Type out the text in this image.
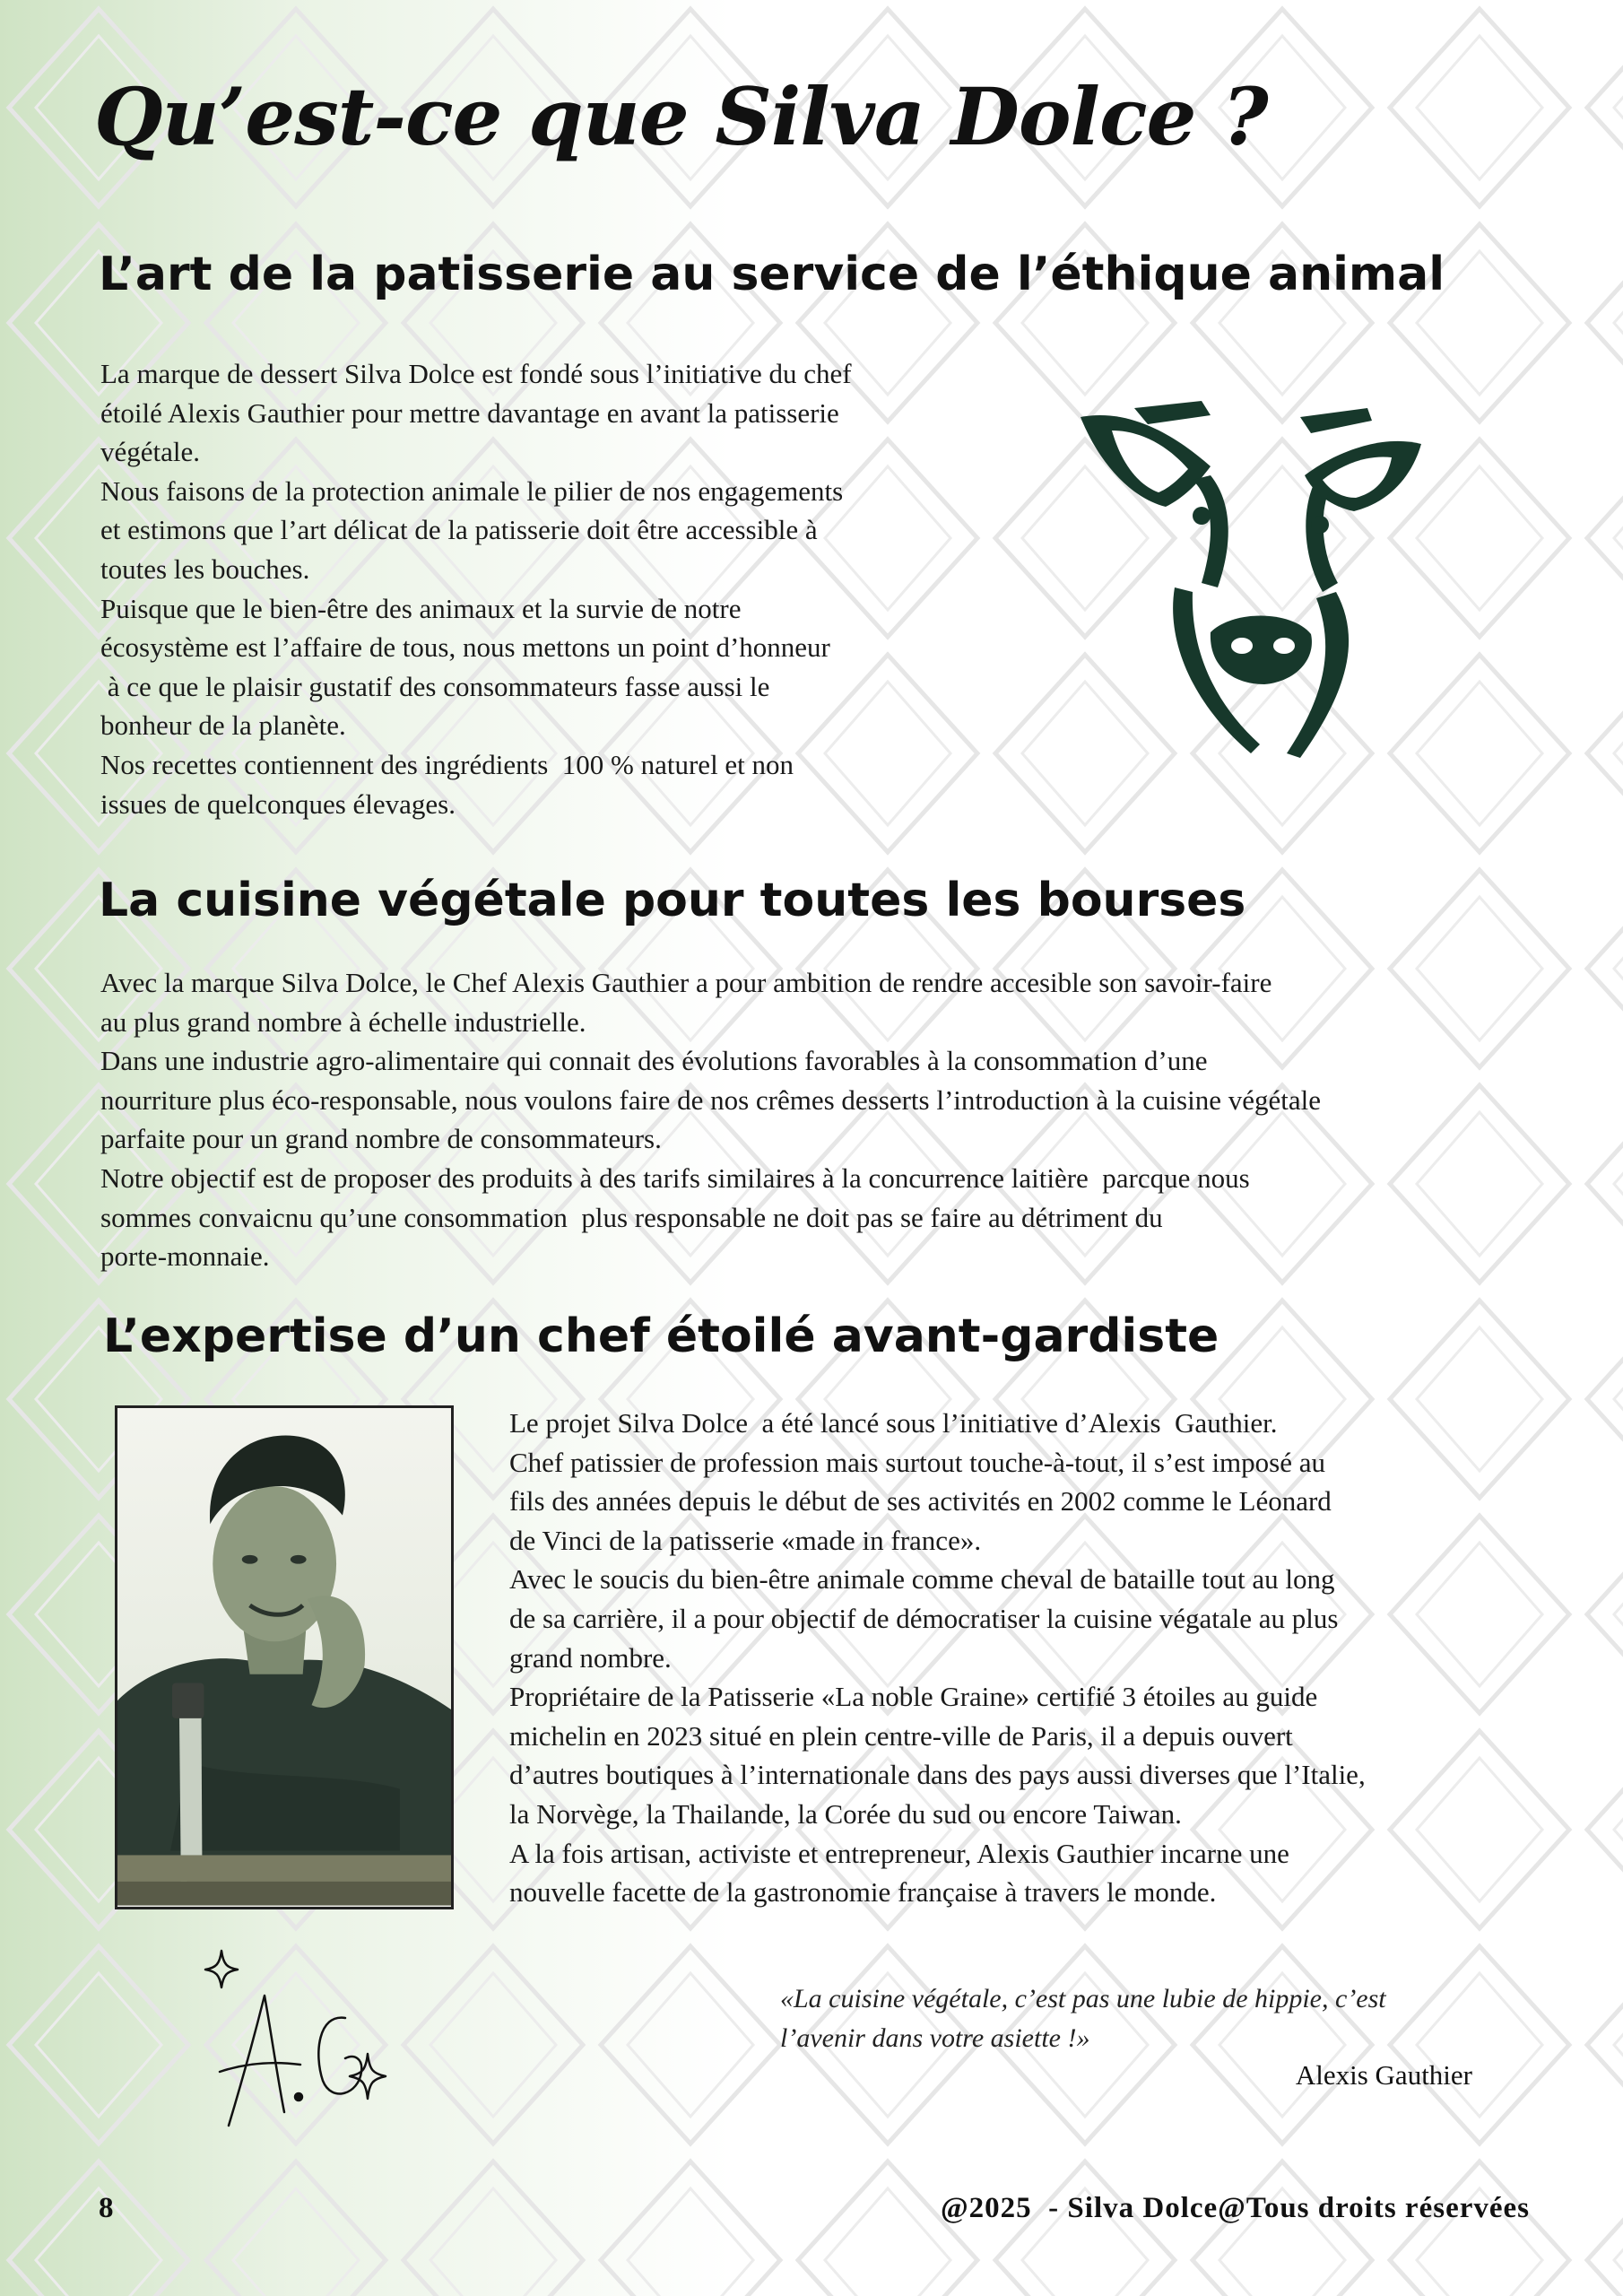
Qu’est-ce que Silva Dolce ?
L’art de la patisserie au service de l’éthique animal
La marque de dessert Silva Dolce est fondé sous l’initiative du chef
étoilé Alexis Gauthier pour mettre davantage en avant la patisserie
végétale.
Nous faisons de la protection animale le pilier de nos engagements
et estimons que l’art délicat de la patisserie doit être accessible à
toutes les bouches.
Puisque que le bien-être des animaux et la survie de notre
écosystème est l’affaire de tous, nous mettons un point d’honneur
à ce que le plaisir gustatif des consommateurs fasse aussi le
bonheur de la planète.
Nos recettes contiennent des ingrédients  100 % naturel et non
issues de quelconques élevages.
La cuisine végétale pour toutes les bourses
Avec la marque Silva Dolce, le Chef Alexis Gauthier a pour ambition de rendre accesible son savoir-faire
au plus grand nombre à échelle industrielle.
Dans une industrie agro-alimentaire qui connait des évolutions favorables à la consommation d’une
nourriture plus éco-responsable, nous voulons faire de nos crêmes desserts l’introduction à la cuisine végétale
parfaite pour un grand nombre de consommateurs.
Notre objectif est de proposer des produits à des tarifs similaires à la concurrence laitière  parcque nous
sommes convaicnu qu’une consommation  plus responsable ne doit pas se faire au détriment du
porte-monnaie.
L’expertise d’un chef étoilé avant-gardiste
Le projet Silva Dolce  a été lancé sous l’initiative d’Alexis  Gauthier.
Chef patissier de profession mais surtout touche-à-tout, il s’est imposé au
fils des années depuis le début de ses activités en 2002 comme le Léonard
de Vinci de la patisserie «made in france».
Avec le soucis du bien-être animale comme cheval de bataille tout au long
de sa carrière, il a pour objectif de démocratiser la cuisine végatale au plus
grand nombre.
Propriétaire de la Patisserie «La noble Graine» certifié 3 étoiles au guide
michelin en 2023 situé en plein centre-ville de Paris, il a depuis ouvert
d’autres boutiques à l’internationale dans des pays aussi diverses que l’Italie,
la Norvège, la Thailande, la Corée du sud ou encore Taiwan.
A la fois artisan, activiste et entrepreneur, Alexis Gauthier incarne une
nouvelle facette de la gastronomie française à travers le monde.
«La cuisine végétale, c’est pas une lubie de hippie, c’est
l’avenir dans votre asiette !»
Alexis Gauthier
8	@2025  - Silva Dolce@Tous droits réservées
